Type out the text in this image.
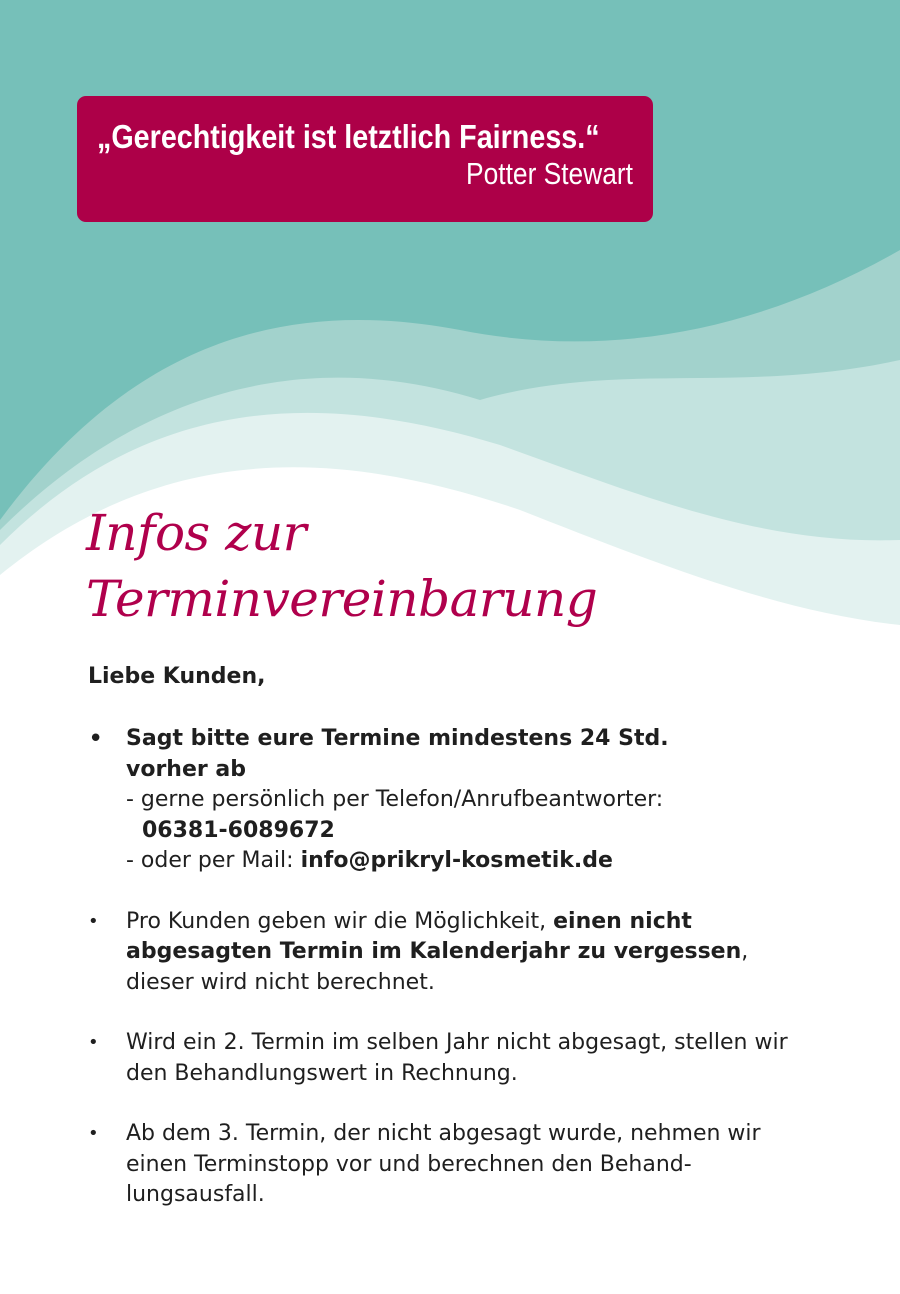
„Gerechtigkeit ist letztlich Fairness.“
Potter Stewart
Infos zur
Terminvereinbarung

Liebe Kunden,

• Sagt bitte eure Termine mindestens 24 Std.
vorher ab
- gerne persönlich per Telefon/Anrufbeantworter:
06381-6089672
- oder per Mail: info@prikryl-kosmetik.de
•	Pro Kunden geben wir die Möglichkeit, einen nicht abgesagten Termin im Kalenderjahr zu vergessen, dieser wird nicht berechnet.
•	Wird ein 2. Termin im selben Jahr nicht abgesagt, stellen wir den Behandlungswert in Rechnung.
•	Ab dem 3. Termin, der nicht abgesagt wurde, nehmen wir einen Terminstopp vor und berechnen den Behand-lungsausfall.
